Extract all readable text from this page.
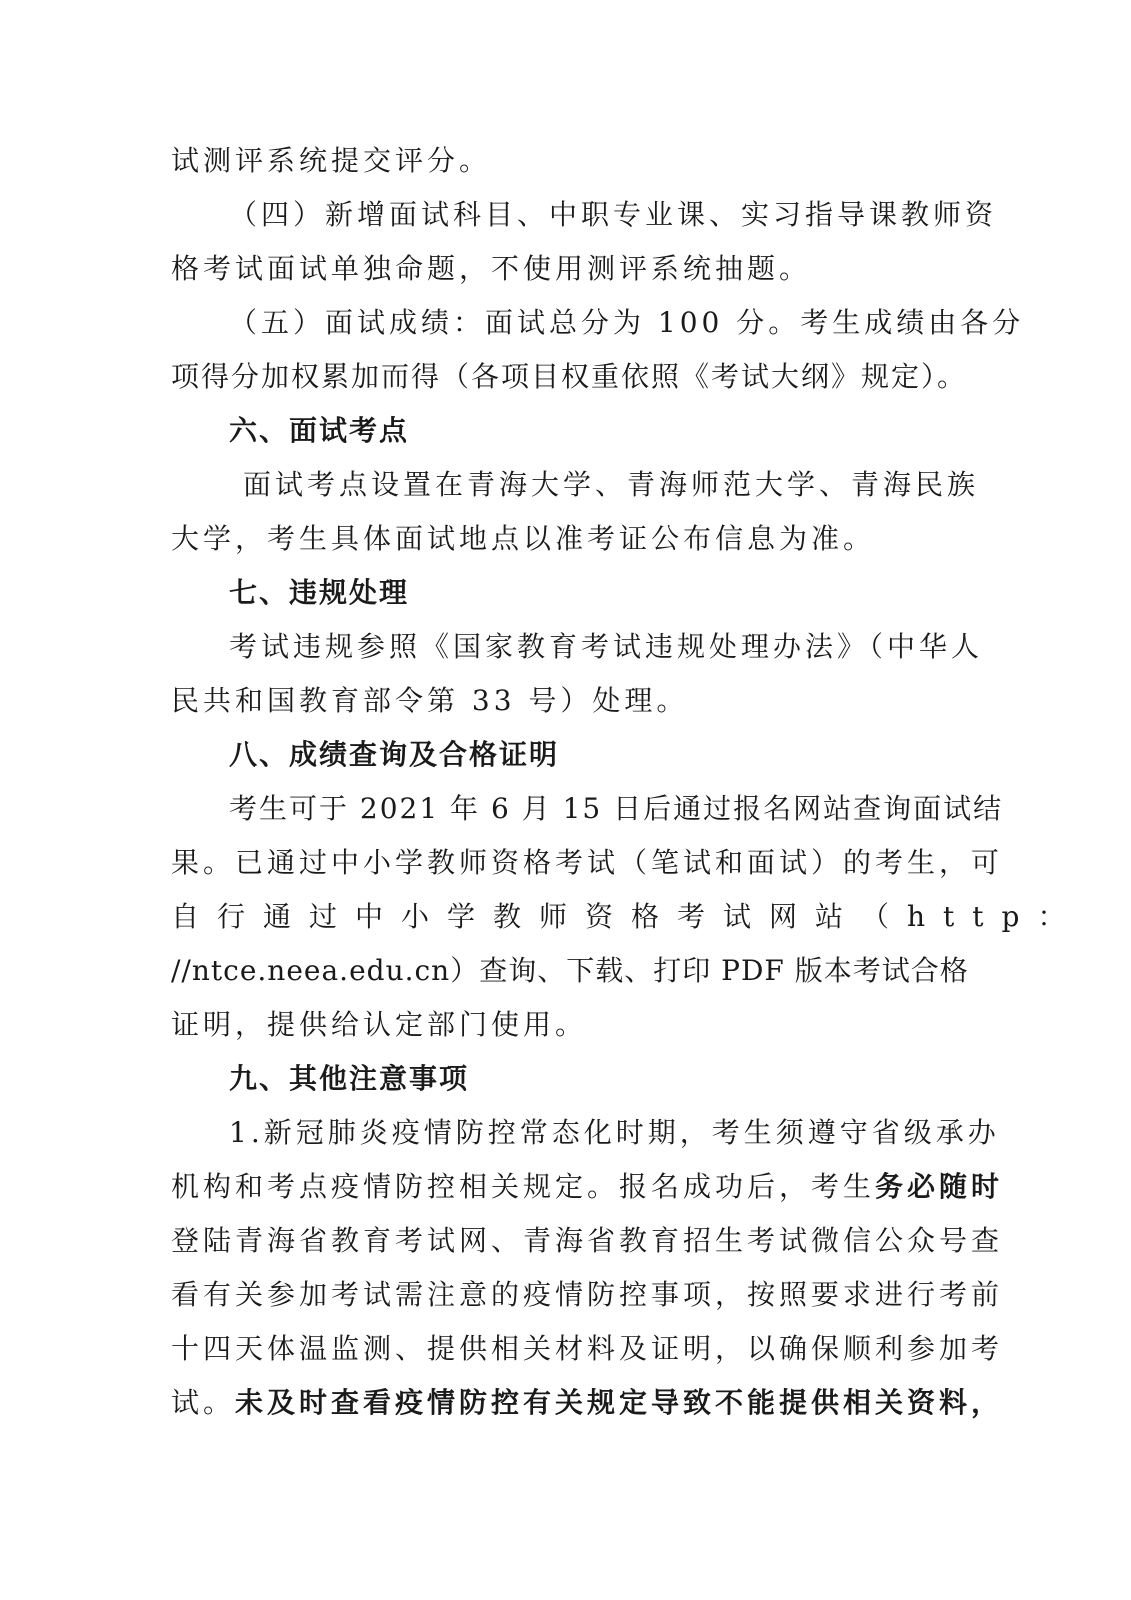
试测评系统提交评分。
（四）新增面试科目、中职专业课、实习指导课教师资
格考试面试单独命题，不使用测评系统抽题。
（五）面试成绩：面试总分为 100 分。考生成绩由各分
项得分加权累加而得（各项目权重依照《考试大纲》规定）。
六、面试考点
面试考点设置在青海大学、青海师范大学、青海民族
大学，考生具体面试地点以准考证公布信息为准。
七、违规处理
考试违规参照《国家教育考试违规处理办法》（中华人
民共和国教育部令第 33 号）处理。
八、成绩查询及合格证明
考生可于 2021 年 6 月 15 日后通过报名网站查询面试结
果。已通过中小学教师资格考试（笔试和面试）的考生，可
自行通过中小学教师资格考试网站（http：
//ntce.neea.edu.cn）查询、下载、打印 PDF 版本考试合格
证明，提供给认定部门使用。
九、其他注意事项
1.新冠肺炎疫情防控常态化时期，考生须遵守省级承办
机构和考点疫情防控相关规定。报名成功后，考生务必随时
登陆青海省教育考试网、青海省教育招生考试微信公众号查
看有关参加考试需注意的疫情防控事项，按照要求进行考前
十四天体温监测、提供相关材料及证明，以确保顺利参加考
试。未及时查看疫情防控有关规定导致不能提供相关资料，
